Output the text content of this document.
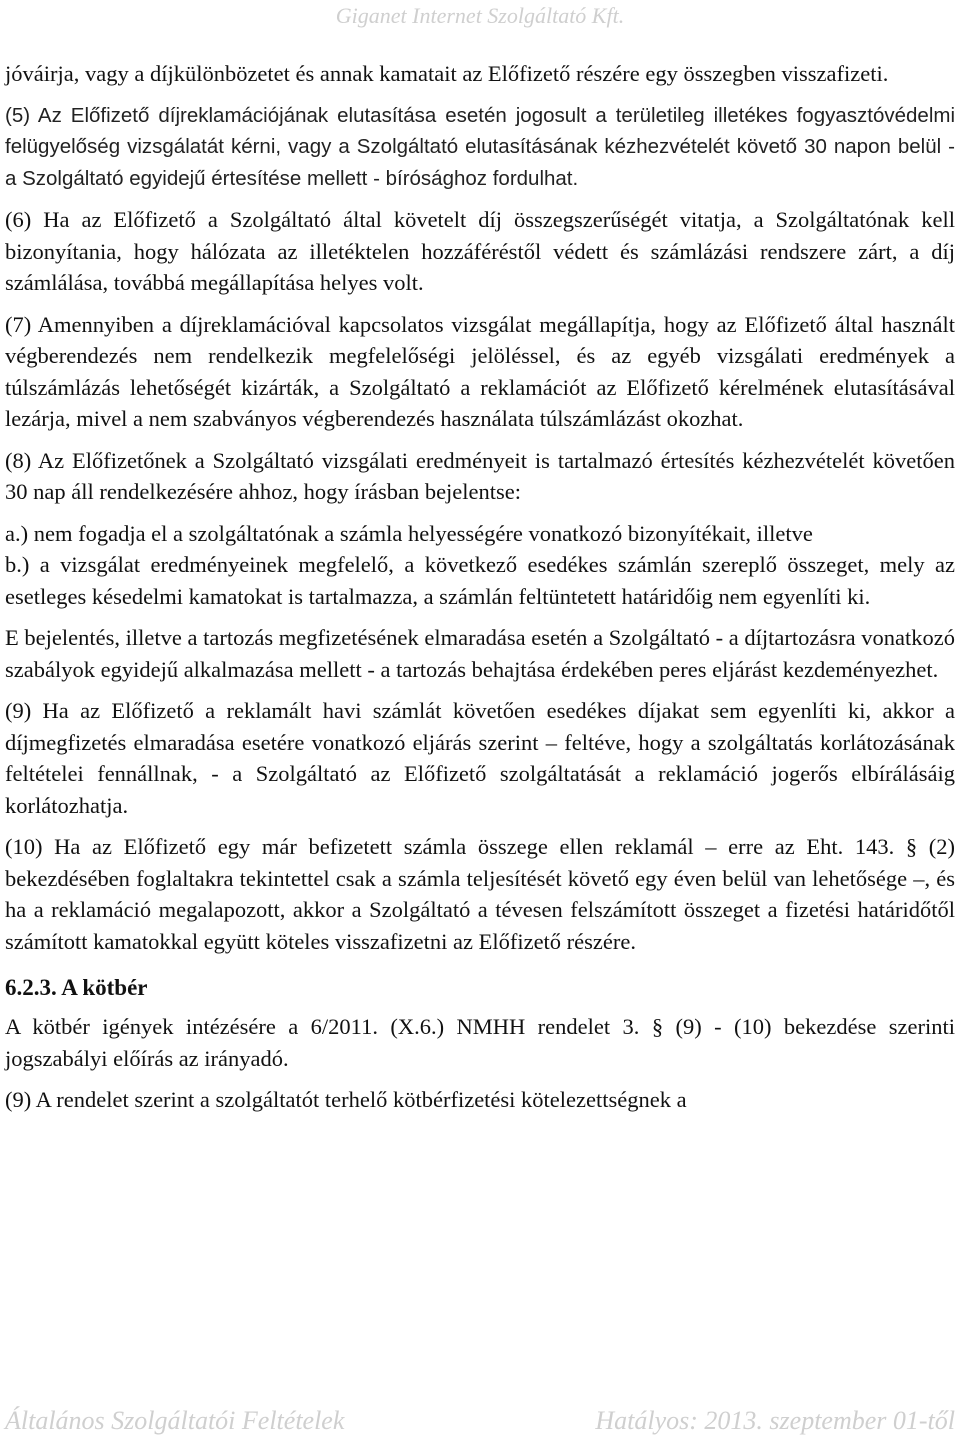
Giganet Internet Szolgáltató Kft.

jóváirja, vagy a díjkülönbözetet és annak kamatait az Előfizető részére egy összegben visszafizeti.

(5) Az Előfizető díjreklamációjának elutasítása esetén jogosult a területileg illetékes fogyasztóvédelmi felügyelőség vizsgálatát kérni, vagy a Szolgáltató elutasításának kézhezvételét követő 30 napon belül - a Szolgáltató egyidejű értesítése mellett - bírósághoz fordulhat.

(6) Ha az Előfizető a Szolgáltató által követelt díj összegszerűségét vitatja, a Szolgáltatónak kell bizonyítania, hogy hálózata az illetéktelen hozzáféréstől védett és számlázási rendszere zárt, a díj számlálása, továbbá megállapítása helyes volt.

(7) Amennyiben a díjreklamációval kapcsolatos vizsgálat megállapítja, hogy az Előfizető által használt végberendezés nem rendelkezik megfelelőségi jelöléssel, és az egyéb vizsgálati eredmények a túlszámlázás lehetőségét kizárták, a Szolgáltató a reklamációt az Előfizető kérelmének elutasításával lezárja, mivel a nem szabványos végberendezés használata túlszámlázást okozhat.

(8) Az Előfizetőnek a Szolgáltató vizsgálati eredményeit is tartalmazó értesítés kézhezvételét követően 30 nap áll rendelkezésére ahhoz, hogy írásban bejelentse:

a.) nem fogadja el a szolgáltatónak a számla helyességére vonatkozó bizonyítékait, illetve

b.) a vizsgálat eredményeinek megfelelő, a következő esedékes számlán szereplő összeget, mely az esetleges késedelmi kamatokat is tartalmazza, a számlán feltüntetett határidőig nem egyenlíti ki.

E bejelentés, illetve a tartozás megfizetésének elmaradása esetén a Szolgáltató - a díjtartozásra vonatkozó szabályok egyidejű alkalmazása mellett - a tartozás behajtása érdekében peres eljárást kezdeményezhet.

(9) Ha az Előfizető a reklamált havi számlát követően esedékes díjakat sem egyenlíti ki, akkor a díjmegfizetés elmaradása esetére vonatkozó eljárás szerint – feltéve, hogy a szolgáltatás korlátozásának feltételei fennállnak, - a Szolgáltató az Előfizető szolgáltatását a reklamáció jogerős elbírálásáig korlátozhatja.

(10) Ha az Előfizető egy már befizetett számla összege ellen reklamál – erre az Eht. 143. § (2) bekezdésében foglaltakra tekintettel csak a számla teljesítését követő egy éven belül van lehetősége –, és ha a reklamáció megalapozott, akkor a Szolgáltató a tévesen felszámított összeget a fizetési határidőtől számított kamatokkal együtt köteles visszafizetni az Előfizető részére.

6.2.3. A kötbér

A kötbér igények intézésére a 6/2011. (X.6.) NMHH rendelet 3. § (9) - (10) bekezdése szerinti jogszabályi előírás az irányadó.

(9) A rendelet szerint a szolgáltatót terhelő kötbérfizetési kötelezettségnek a

Általános Szolgáltatói Feltételek	Hatályos: 2013. szeptember 01-től
